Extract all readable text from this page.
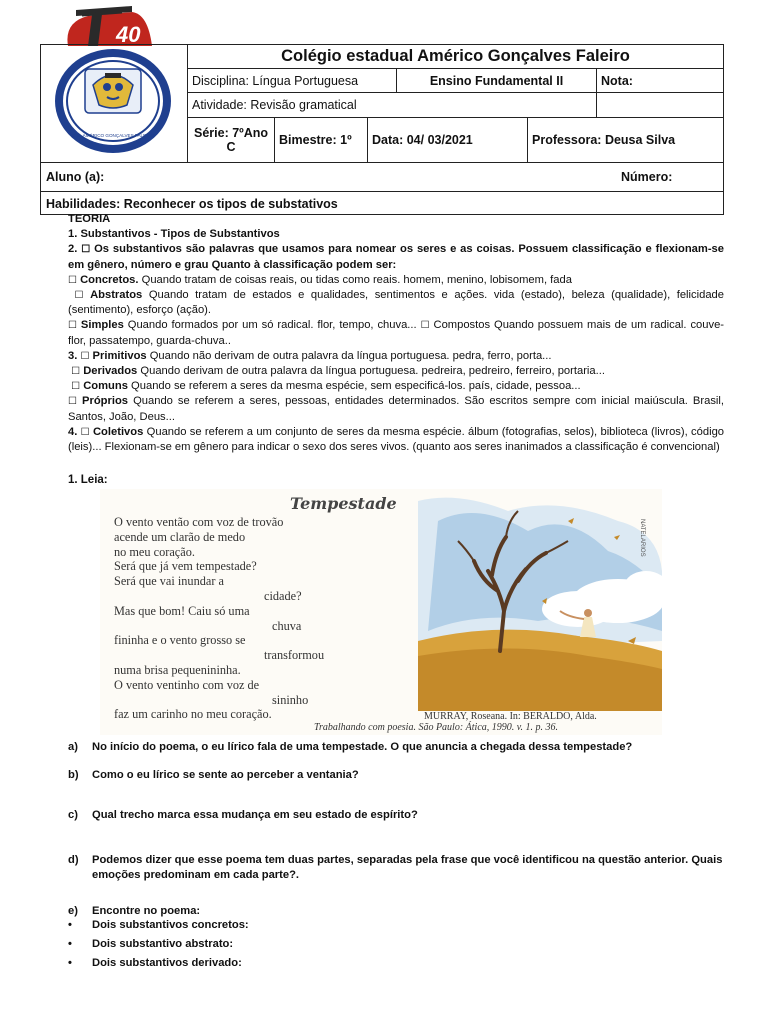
40
E. E. AMÉRICO GONÇALVES FALEIRO
Colégio estadual Américo Gonçalves Faleiro
Disciplina: Língua Portuguesa	Ensino Fundamental II	Nota:
Atividade: Revisão gramatical
Série: 7ºAno C	Bimestre: 1º	Data: 04/ 03/2021	Professora: Deusa Silva
Aluno (a):	Número:
Habilidades: Reconhecer os tipos de substativos

TEORIA

1. Substantivos - Tipos de Substantivos

2. ☐ Os substantivos são palavras que usamos para nomear os seres e as coisas. Possuem classificação e flexionam-se em gênero, número e grau Quanto à classificação podem ser:

☐ Concretos. Quando tratam de coisas reais, ou tidas como reais. homem, menino, lobisomem, fada

☐ Abstratos Quando tratam de estados e qualidades, sentimentos e ações. vida (estado), beleza (qualidade), felicidade (sentimento), esforço (ação).

☐ Simples Quando formados por um só radical. flor, tempo, chuva... ☐ Compostos Quando possuem mais de um radical. couve-flor, passatempo, guarda-chuva..

3. ☐ Primitivos Quando não derivam de outra palavra da língua portuguesa. pedra, ferro, porta...

☐ Derivados Quando derivam de outra palavra da língua portuguesa. pedreira, pedreiro, ferreiro, portaria...

☐ Comuns Quando se referem a seres da mesma espécie, sem especificá-los. país, cidade, pessoa...

☐ Próprios Quando se referem a seres, pessoas, entidades determinados. São escritos sempre com inicial maiúscula. Brasil, Santos, João, Deus...

4. ☐ Coletivos Quando se referem a um conjunto de seres da mesma espécie. álbum (fotografias, selos), biblioteca (livros), código (leis)... Flexionam-se em gênero para indicar o sexo dos seres vivos. (quanto aos seres inanimados a classificação é convencional)

1. Leia:
Tempestade
O vento ventão com voz de trovão
acende um clarão de medo
no meu coração.
Será que já vem tempestade?
Será que vai inundar a
cidade?
Mas que bom! Caiu só uma
chuva
fininha e o vento grosso se
transformou
numa brisa pequenininha.
O vento ventinho com voz de
sininho
faz um carinho no meu coração.
NATELARIOS
MURRAY, Roseana. In: BERALDO, Alda.
Trabalhando com poesia. São Paulo: Ática, 1990. v. 1. p. 36.
a)	No início do poema, o eu lírico fala de uma tempestade. O que anuncia a chegada dessa tempestade?
b)	Como o eu lírico se sente ao perceber a ventania?
c)	Qual trecho marca essa mudança em seu estado de espírito?
d)	Podemos dizer que esse poema tem duas partes, separadas pela frase que você identificou na questão anterior. Quais emoções predominam em cada parte?.
e)	Encontre no poema:
• Dois substantivos concretos:
• Dois substantivo abstrato:
• Dois substantivos derivado:
